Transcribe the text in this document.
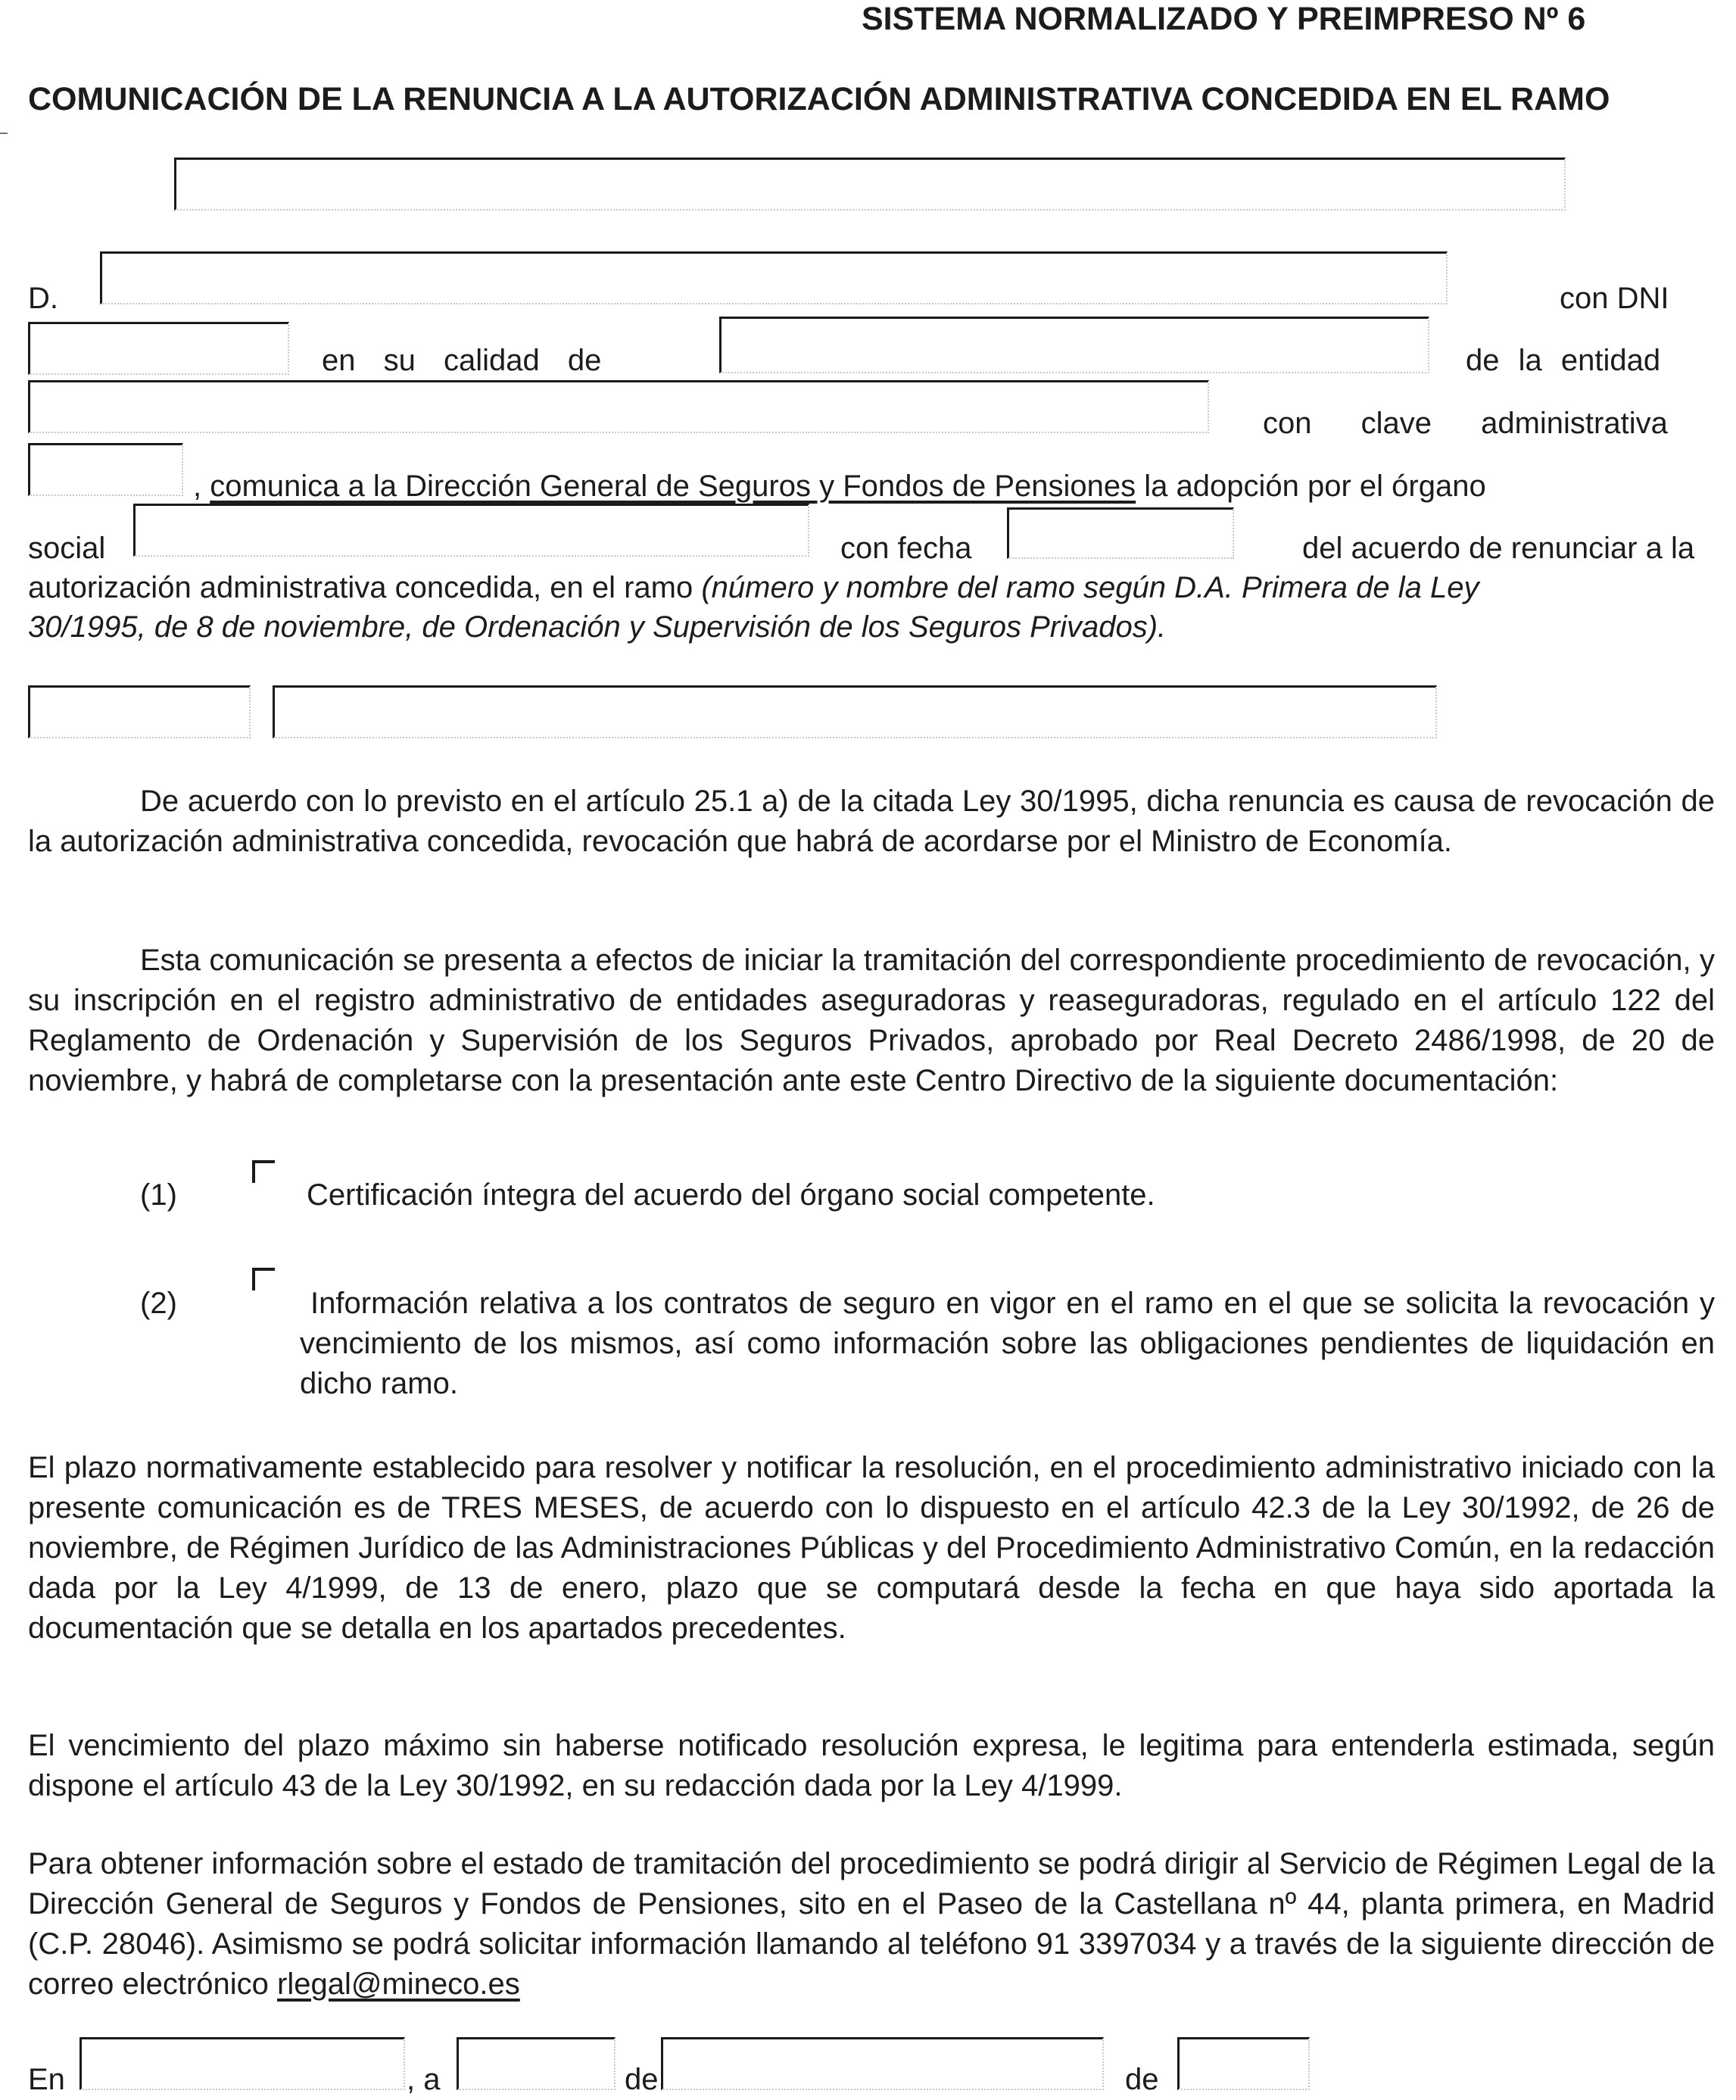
SISTEMA NORMALIZADO Y PREIMPRESO Nº 6
COMUNICACIÓN DE LA RENUNCIA A LA AUTORIZACIÓN ADMINISTRATIVA CONCEDIDA EN EL RAMO
D.	con DNI
en su calidad de	de la entidad
con clave administrativa
, comunica a la Dirección General de Seguros y Fondos de Pensiones la adopción por el órgano
social	con fecha	del acuerdo de renunciar a la
autorización administrativa concedida, en el ramo (número y nombre del ramo según D.A. Primera de la Ley
30/1995, de 8 de noviembre, de Ordenación y Supervisión de los Seguros Privados).
De acuerdo con lo previsto en el artículo 25.1 a) de la citada Ley 30/1995, dicha renuncia es causa de revocación de la autorización administrativa concedida, revocación que habrá de acordarse por el Ministro de Economía.
Esta comunicación se presenta a efectos de iniciar la tramitación del correspondiente procedimiento de revocación, y su inscripción en el registro administrativo de entidades aseguradoras y reaseguradoras, regulado en el artículo 122 del Reglamento de Ordenación y Supervisión de los Seguros Privados, aprobado por Real Decreto 2486/1998, de 20 de noviembre, y habrá de completarse con la presentación ante este Centro Directivo de la siguiente documentación:
(1)	Certificación íntegra del acuerdo del órgano social competente.
(2)	Información relativa a los contratos de seguro en vigor en el ramo en el que se solicita la revocación y vencimiento de los mismos, así como información sobre las obligaciones pendientes de liquidación en dicho ramo.
El plazo normativamente establecido para resolver y notificar la resolución, en el procedimiento administrativo iniciado con la presente comunicación es de TRES MESES, de acuerdo con lo dispuesto en el artículo 42.3 de la Ley 30/1992, de 26 de noviembre, de Régimen Jurídico de las Administraciones Públicas y del Procedimiento Administrativo Común, en la redacción dada por la Ley 4/1999, de 13 de enero, plazo que se computará desde la fecha en que haya sido aportada la documentación que se detalla en los apartados precedentes.
El vencimiento del plazo máximo sin haberse notificado resolución expresa, le legitima para entenderla estimada, según dispone el artículo 43 de la Ley 30/1992, en su redacción dada por la Ley 4/1999.
Para obtener información sobre el estado de tramitación del procedimiento se podrá dirigir al Servicio de Régimen Legal de la Dirección General de Seguros y Fondos de Pensiones, sito en el Paseo de la Castellana nº 44, planta primera, en Madrid (C.P. 28046). Asimismo se podrá solicitar información llamando al teléfono 91 3397034 y a través de la siguiente dirección de correo electrónico rlegal@mineco.es
En	, a	de	de
